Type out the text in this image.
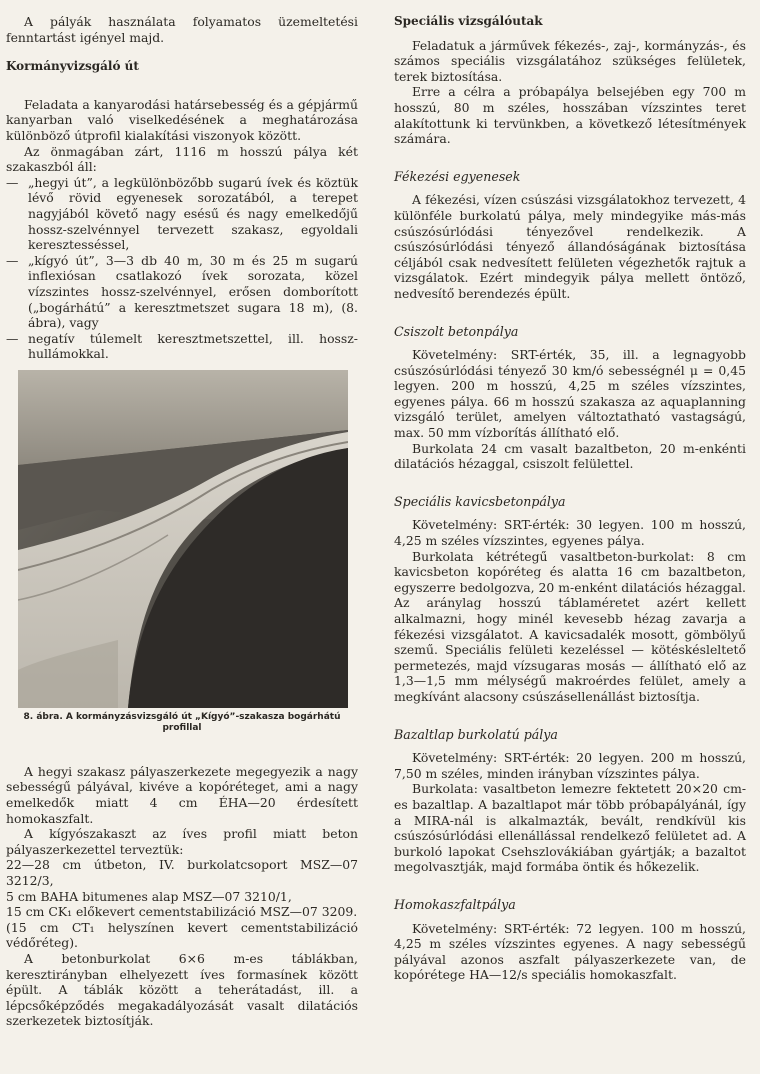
A pályák használata folyamatos üzemeltetési fenntartást igényel majd.

Kormányvizsgáló út

Feladata a kanyarodási határsebesség és a gépjármű kanyarban való viselkedésének a meghatározása különböző útprofil kialakítási viszonyok között.

Az önmagában zárt, 1116 m hosszú pálya két szakaszból áll:

— „hegyi út”, a legkülönbözőbb sugarú ívek és köztük lévő rövid egyenesek sorozatából, a terepet nagyjából követő nagy esésű és nagy emelkedőjű hossz-szelvénnyel tervezett szakasz, egyoldali keresztesséssel,
— „kígyó út”, 3—3 db 40 m, 30 m és 25 m sugarú inflexiósan csatlakozó ívek sorozata, közel vízszintes hossz-szelvénnyel, erősen domborított („bogárhátú” a keresztmetszet sugara 18 m), (8. ábra), vagy
— negatív túlemelt keresztmetszettel, ill. hossz-hullámokkal.
8. ábra. A kormányzásvizsgáló út „Kígyó”-szakasza bogárhátú profillal

A hegyi szakasz pályaszerkezete megegyezik a nagy sebességű pályával, kivéve a kopóréteget, ami a nagy emelkedők miatt 4 cm ÉHA—20 érdesített homokaszfalt.

A kígyószakaszt az íves profil miatt beton pályaszerkezettel terveztük:

22—28 cm útbeton, IV. burkolatcsoport MSZ—07 3212/3,

5 cm BAHA bitumenes alap MSZ—07 3210/1,

15 cm CK₁ előkevert cementstabilizáció MSZ—07 3209.

(15 cm CT₁ helyszínen kevert cementstabilizáció védőréteg).

A betonburkolat 6×6 m-es táblákban, keresztirányban elhelyezett íves formasínek között épült. A táblák között a teherátadást, ill. a lépcsőképződés megakadályozását vasalt dilatációs szerkezetek biztosítják.

Speciális vizsgálóutak

Feladatuk a járművek fékezés-, zaj-, kormányzás-, és számos speciális vizsgálatához szükséges felületek, terek biztosítása.

Erre a célra a próbapálya belsejében egy 700 m hosszú, 80 m széles, hosszában vízszintes teret alakítottunk ki tervünkben, a következő létesítmények számára.

Fékezési egyenesek

A fékezési, vízen csúszási vizsgálatokhoz tervezett, 4 különféle burkolatú pálya, mely mindegyike más-más csúszósúrlódási tényezővel rendelkezik. A csúszósúrlódási tényező állandóságának biztosítása céljából csak nedvesített felületen végezhetők rajtuk a vizsgálatok. Ezért mindegyik pálya mellett öntöző, nedvesítő berendezés épült.

Csiszolt betonpálya

Követelmény: SRT-érték, 35, ill. a legnagyobb csúszósúrlódási tényező 30 km/ó sebességnél μ = 0,45 legyen. 200 m hosszú, 4,25 m széles vízszintes, egyenes pálya. 66 m hosszú szakasza az aquaplanning vizsgáló terület, amelyen változtatható vastagságú, max. 50 mm vízborítás állítható elő.

Burkolata 24 cm vasalt bazaltbeton, 20 m-enkénti dilatációs hézaggal, csiszolt felülettel.

Speciális kavicsbetonpálya

Követelmény: SRT-érték: 30 legyen. 100 m hosszú, 4,25 m széles vízszintes, egyenes pálya.

Burkolata kétrétegű vasaltbeton-burkolat: 8 cm kavicsbeton kopóréteg és alatta 16 cm bazaltbeton, egyszerre bedolgozva, 20 m-enként dilatációs hézaggal. Az aránylag hosszú táblaméretet azért kellett alkalmazni, hogy minél kevesebb hézag zavarja a fékezési vizsgálatot. A kavicsadalék mosott, gömbölyű szemű. Speciális felületi kezeléssel — kötéskésleltető permetezés, majd vízsugaras mosás — állítható elő az 1,3—1,5 mm mélységű makroérdes felület, amely a megkívánt alacsony csúszásellenállást biztosítja.

Bazaltlap burkolatú pálya

Követelmény: SRT-érték: 20 legyen. 200 m hosszú, 7,50 m széles, minden irányban vízszintes pálya.

Burkolata: vasaltbeton lemezre fektetett 20×20 cm-es bazaltlap. A bazaltlapot már több próbapályánál, így a MIRA-nál is alkalmazták, bevált, rendkívül kis csúszósúrlódási ellenállással rendelkező felületet ad. A burkoló lapokat Csehszlovákiában gyártják; a bazaltot megolvasztják, majd formába öntik és hőkezelik.

Homokaszfaltpálya

Követelmény: SRT-érték: 72 legyen. 100 m hosszú, 4,25 m széles vízszintes egyenes. A nagy sebességű pályával azonos aszfalt pályaszerkezete van, de kopórétege HA—12/s speciális homokaszfalt.
